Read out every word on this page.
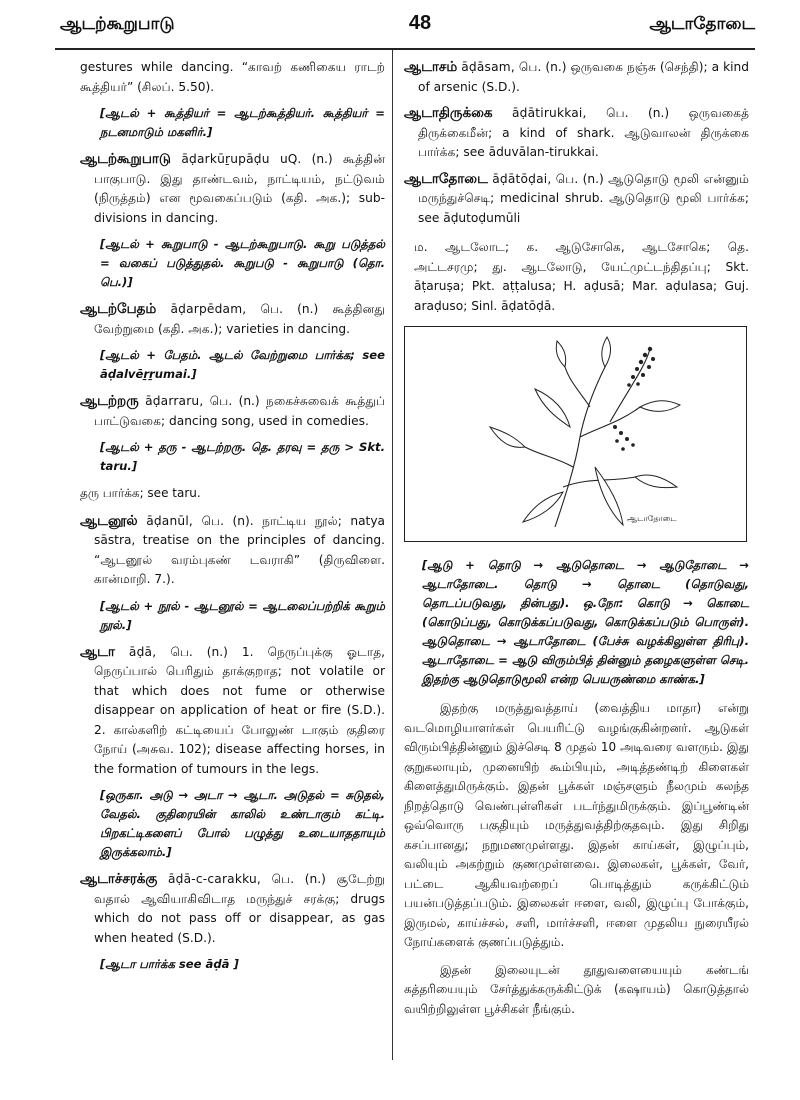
ஆடற்கூறுபாடு	48	ஆடாதோடை

gestures while dancing. “காவற் கணிகைய ராடற் கூத்தியர்” (சிலப். 5.50).

[ஆடல் + கூத்தியர் = ஆடற்கூத்தியர். கூத்தியர் = நடனமாடும் மகளிர்.]

ஆடற்கூறுபாடு āḍarkūṟupāḍu uQ. (n.) கூத்தின் பாகுபாடு. இது தாண்டவம், நாட்டியம், நட்டுவம் (நிருத்தம்) என மூவகைப்படும் (கதி. அக.); sub-divisions in dancing.

[ஆடல் + கூறுபாடு - ஆடற்கூறுபாடு. கூறு படுத்தல் = வகைப் படுத்துதல். கூறுபடு - கூறுபாடு (தொ. பெ.)]

ஆடற்பேதம் āḍarpēdam, பெ. (n.) கூத்தினது வேற்றுமை (கதி. அக.); varieties in dancing.

[ஆடல் + பேதம். ஆடல் வேற்றுமை பார்க்க; see āḍalvēṟṟumai.]

ஆடற்றரு āḍarraru, பெ. (n.) நகைச்சுவைக் கூத்துப் பாட்டுவகை; dancing song, used in comedies.

[ஆடல் + தரு - ஆடற்றரு. தெ. தரவு = தரு > Skt. taru.]

தரு பார்க்க; see taru.

ஆடனூல் āḍanūl, பெ. (n). நாட்டிய நூல்; natya sāstra, treatise on the principles of dancing. “ஆடனூல் வரம்புகண் டவராகி” (திருவிளை. கான்மாறி. 7.).

[ஆடல் + நூல் - ஆடனூல் = ஆடலைப்பற்றிக் கூறும் நூல்.]

ஆடா āḍā, பெ. (n.) 1. நெருப்புக்கு ஓடாத, நெருப்பால் பெரிதும் தாக்குறாத; not volatile or that which does not fume or otherwise disappear on application of heat or fire (S.D.). 2. கால்களிற் கட்டியைப் போலுண் டாகும் குதிரை நோய் (அசுவ. 102); disease affecting horses, in the formation of tumours in the legs.

[ஒருகா. அடு → அடா → ஆடா. அடுதல் = சுடுதல், வேதல். குதிரையின் காலில் உண்டாகும் கட்டி. பிறகட்டிகளைப் போல் பழுத்து உடையாததாயும் இருக்கலாம்.]

ஆடாச்சரக்கு āḍā-c-carakku, பெ. (n.) சூடேற்று வதால் ஆவியாகிவிடாத மருந்துச் சரக்கு; drugs which do not pass off or disappear, as gas when heated (S.D.).

[ஆடா பார்க்க see āḍā ]

ஆடாசம் āḍāsam, பெ. (n.) ஒருவகை நஞ்சு (செந்தி); a kind of arsenic (S.D.).

ஆடாதிருக்கை āḍātirukkai, பெ. (n.) ஒருவகைத் திருக்கைமீன்; a kind of shark. ஆடுவாலன் திருக்கை பார்க்க; see āduvālan-tirukkai.

ஆடாதோடை āḍātōḍai, பெ. (n.) ஆடுதொடு மூலி என்னும் மருந்துச்செடி; medicinal shrub. ஆடுதொடு மூலி பார்க்க; see āḍutoḍumūli

ம. ஆடலோட; க. ஆடுசோகெ, ஆடசோகெ; தெ. அட்டசரமு; து. ஆடலோடு, யேட்முட்டந்திதப்பு; Skt. āṭaruṣa; Pkt. aṭṭalusa; H. aḍusā; Mar. aḍulasa; Guj. araḍuso; Sinl. āḍatōḍā.

ஆடாதோடை

[ஆடு + தொடு → ஆடுதொடை → ஆடுதோடை → ஆடாதோடை. தொடு → தொடை (தொடுவது, தொடப்படுவது, தின்பது). ஒ.நோ: கொடு → கொடை (கொடுப்பது, கொடுக்கப்படுவது, கொடுக்கப்படும் பொருள்). ஆடுதொடை → ஆடாதோடை (பேச்சு வழக்கிலுள்ள திரிபு). ஆடாதோடை = ஆடு விரும்பித் தின்னும் தழைகளுள்ள செடி. இதற்கு ஆடுதொடுமூலி என்ற பெயருண்மை காண்க.]

இதற்கு மருத்துவத்தாய் (வைத்திய மாதா) என்று வடமொழியாளர்கள் பெயரிட்டு வழங்குகின்றனர். ஆடுகள் விரும்பித்தின்னும் இச்செடி 8 முதல் 10 அடிவரை வளரும். இது குறுகலாயும், முனையிற் கூம்பியும், அடித்தண்டிற் கிளைகள் கிளைத்துமிருக்கும். இதன் பூக்கள் மஞ்சளும் நீலமும் கலந்த நிறத்தொடு வெண்புள்ளிகள் படர்ந்துமிருக்கும். இப்பூண்டின் ஒவ்வொரு பகுதியும் மருத்துவத்திற்குதவும். இது சிறிது கசப்பானது; நறுமணமுள்ளது. இதன் காய்கள், இழுப்பும், வலியும் அகற்றும் குணமுள்ளவை. இலைகள், பூக்கள், வேர், பட்டை ஆகியவற்றைப் பொடித்தும் கருக்கிட்டும் பயன்படுத்தப்படும். இலைகள் ஈளை, வலி, இழுப்பு போக்கும், இருமல், காய்ச்சல், சளி, மார்ச்சளி, ஈளை முதலிய நுரையீரல் நோய்களைக் குணப்படுத்தும்.

இதன் இலையுடன் தூதுவளையையும் கண்டங் கத்தரியையும் சேர்த்துக்கருக்கிட்டுக் (கஷாயம்) கொடுத்தால் வயிற்றிலுள்ள பூச்சிகள் நீங்கும்.
